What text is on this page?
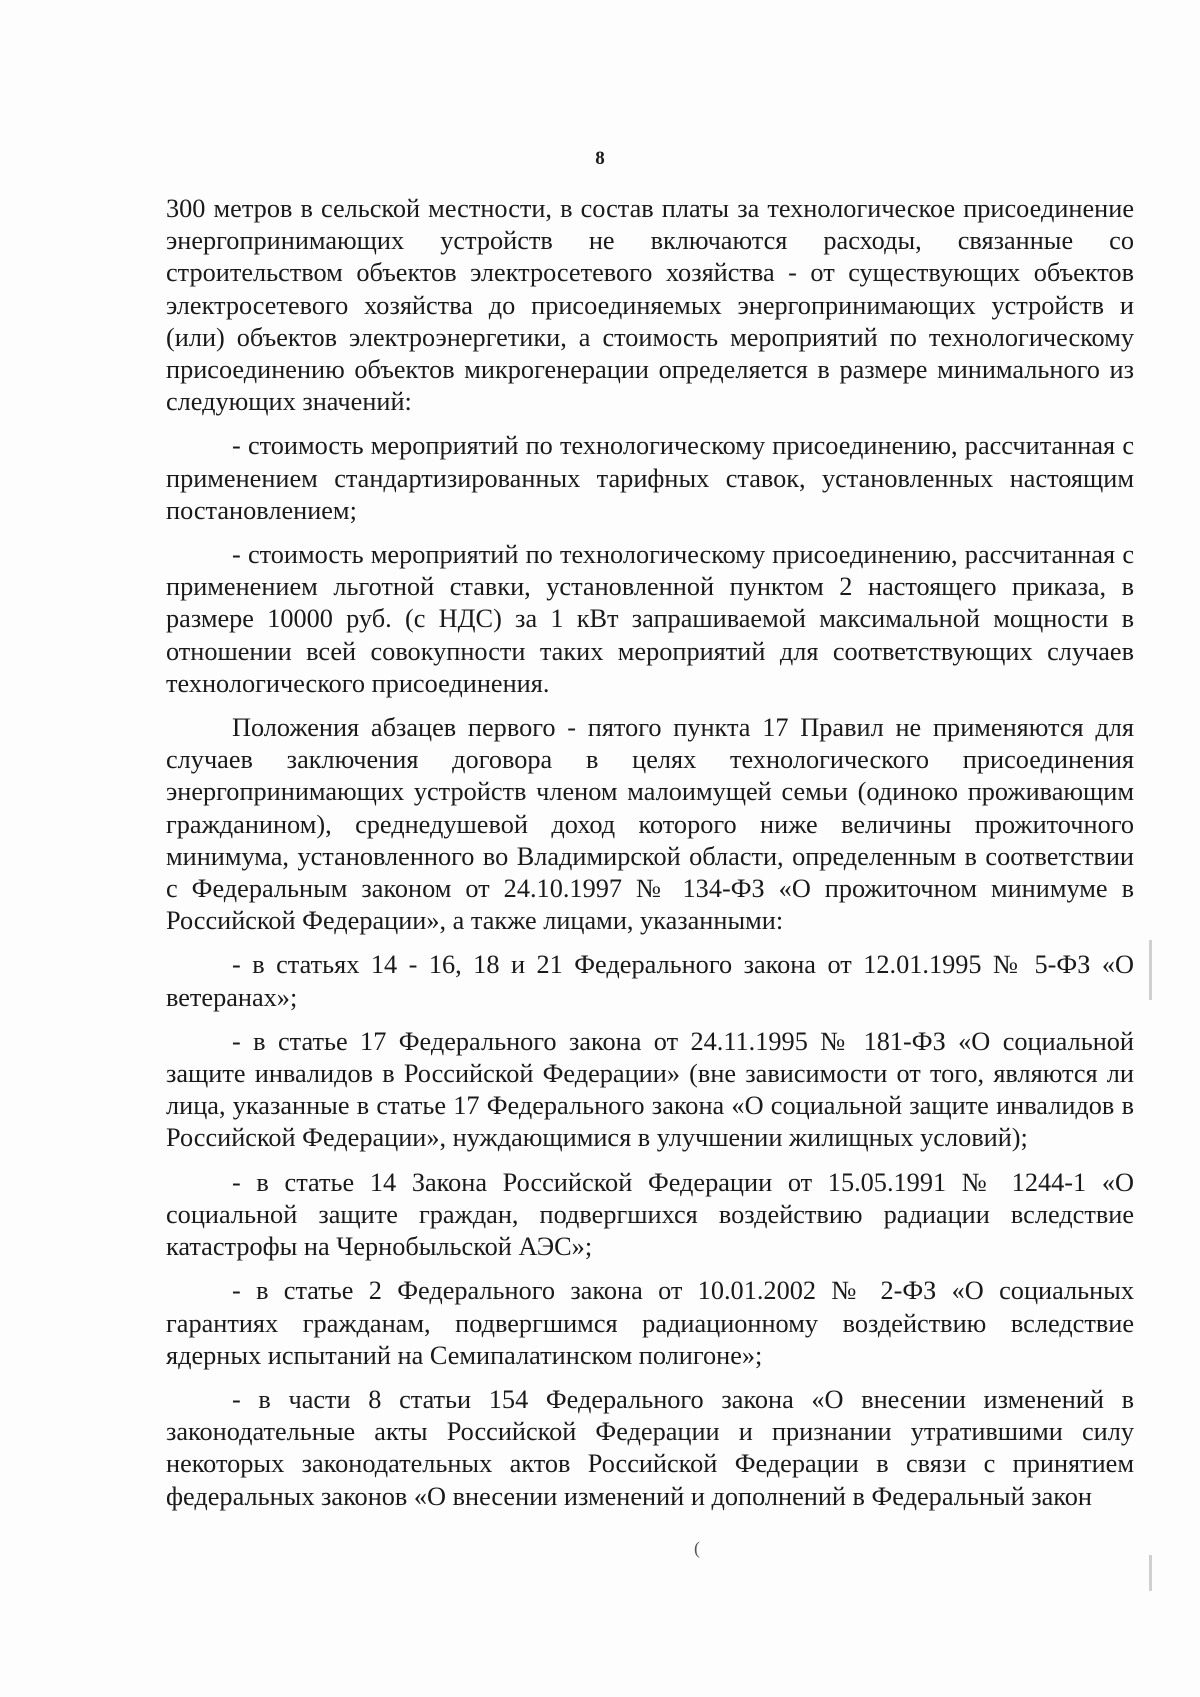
8

300 метров в сельской местности, в состав платы за технологическое присоединение энергопринимающих устройств не включаются расходы, связанные со строительством объектов электросетевого хозяйства - от существующих объектов электросетевого хозяйства до присоединяемых энергопринимающих устройств и (или) объектов электроэнергетики, а стоимость мероприятий по технологическому присоединению объектов микрогенерации определяется в размере минимального из следующих значений:

- стоимость мероприятий по технологическому присоединению, рассчитанная с применением стандартизированных тарифных ставок, установленных настоящим постановлением;

- стоимость мероприятий по технологическому присоединению, рассчитанная с применением льготной ставки, установленной пунктом 2 настоящего приказа, в размере 10000 руб. (с НДС) за 1 кВт запрашиваемой максимальной мощности в отношении всей совокупности таких мероприятий для соответствующих случаев технологического присоединения.

Положения абзацев первого - пятого пункта 17 Правил не применяются для случаев заключения договора в целях технологического присоединения энергопринимающих устройств членом малоимущей семьи (одиноко проживающим гражданином), среднедушевой доход которого ниже величины прожиточного минимума, установленного во Владимирской области, определенным в соответствии с Федеральным законом от 24.10.1997 № 134-ФЗ «О прожиточном минимуме в Российской Федерации», а также лицами, указанными:

- в статьях 14 - 16, 18 и 21 Федерального закона от 12.01.1995 № 5-ФЗ «О ветеранах»;

- в статье 17 Федерального закона от 24.11.1995 № 181-ФЗ «О социальной защите инвалидов в Российской Федерации» (вне зависимости от того, являются ли лица, указанные в статье 17 Федерального закона «О социальной защите инвалидов в Российской Федерации», нуждающимися в улучшении жилищных условий);

- в статье 14 Закона Российской Федерации от 15.05.1991 № 1244-1 «О социальной защите граждан, подвергшихся воздействию радиации вследствие катастрофы на Чернобыльской АЭС»;

- в статье 2 Федерального закона от 10.01.2002 № 2-ФЗ «О социальных гарантиях гражданам, подвергшимся радиационному воздействию вследствие ядерных испытаний на Семипалатинском полигоне»;

- в части 8 статьи 154 Федерального закона «О внесении изменений в законодательные акты Российской Федерации и признании утратившими силу некоторых законодательных актов Российской Федерации в связи с принятием федеральных законов «О внесении изменений и дополнений в Федеральный закон

(
